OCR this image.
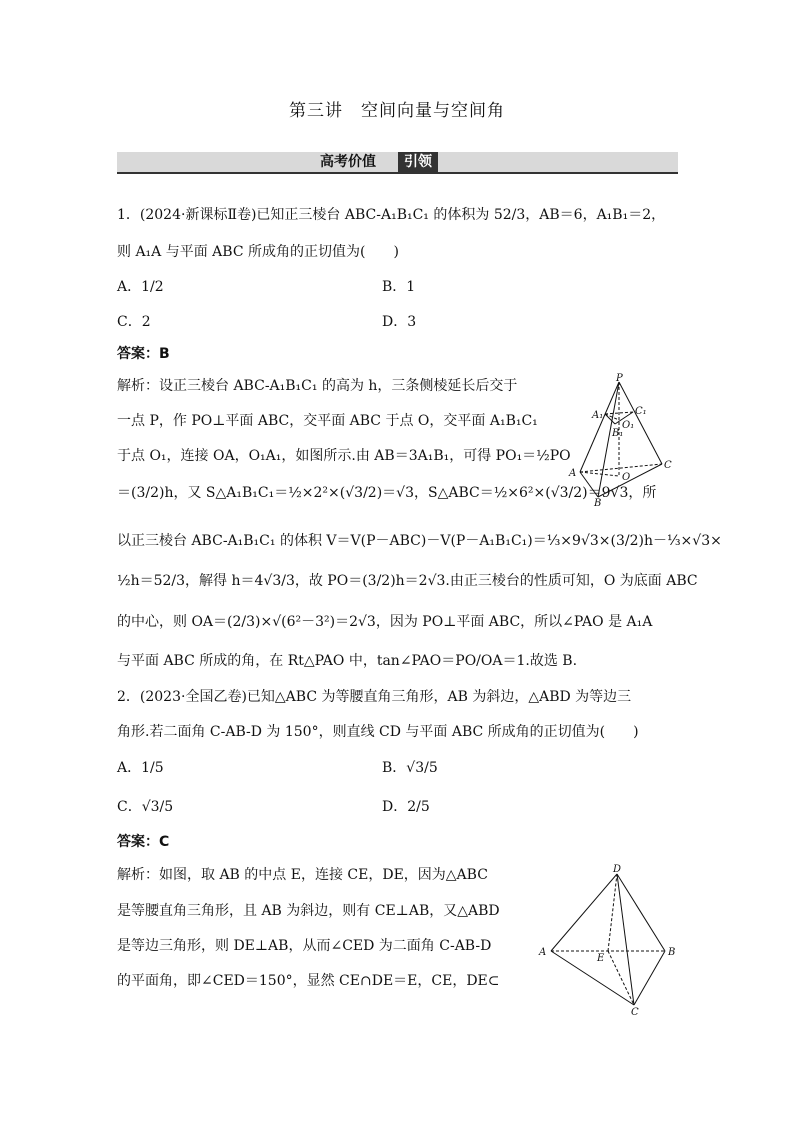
第三讲　空间向量与空间角
高考价值	引领
1．(2024·新课标Ⅱ卷)已知正三棱台 ABC-A₁B₁C₁ 的体积为 52/3，AB＝6，A₁B₁＝2，
则 A₁A 与平面 ABC 所成角的正切值为(　　)
A．1/2	B．1
C．2	D．3
答案：B
解析：设正三棱台 ABC-A₁B₁C₁ 的高为 h，三条侧棱延长后交于
一点 P，作 PO⊥平面 ABC，交平面 ABC 于点 O，交平面 A₁B₁C₁
于点 O₁，连接 OA，O₁A₁，如图所示.由 AB＝3A₁B₁，可得 PO₁＝½PO
＝(3/2)h，又 S△A₁B₁C₁＝½×2²×(√3/2)＝√3，S△ABC＝½×6²×(√3/2)＝9√3，所
以正三棱台 ABC-A₁B₁C₁ 的体积 V＝V(P－ABC)－V(P－A₁B₁C₁)＝⅓×9√3×(3/2)h－⅓×√3×
½h＝52/3，解得 h＝4√3/3，故 PO＝(3/2)h＝2√3.由正三棱台的性质可知，O 为底面 ABC
的中心，则 OA＝(2/3)×√(6²－3²)＝2√3，因为 PO⊥平面 ABC，所以∠PAO 是 A₁A
与平面 ABC 所成的角，在 Rt△PAO 中，tan∠PAO＝PO/OA＝1.故选 B.
P
A₁	C₁
O₁
B₁
A	O
C
B
2．(2023·全国乙卷)已知△ABC 为等腰直角三角形，AB 为斜边，△ABD 为等边三
角形.若二面角 C-AB-D 为 150°，则直线 CD 与平面 ABC 所成角的正切值为(　　)
A．1/5	B．√3/5
C．√3/5	D．2/5
答案：C
解析：如图，取 AB 的中点 E，连接 CE，DE，因为△ABC
是等腰直角三角形，且 AB 为斜边，则有 CE⊥AB，又△ABD
是等边三角形，则 DE⊥AB，从而∠CED 为二面角 C-AB-D
的平面角，即∠CED＝150°，显然 CE∩DE＝E，CE，DE⊂
D
A
E
B
C
